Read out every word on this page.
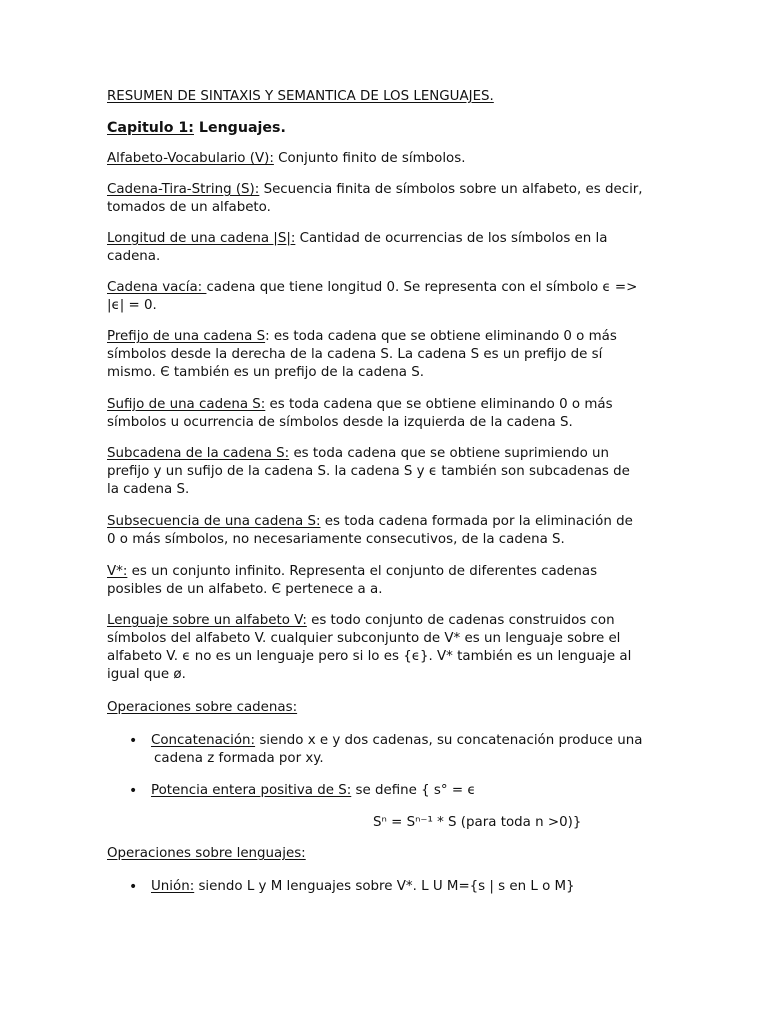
RESUMEN DE SINTAXIS Y SEMANTICA DE LOS LENGUAJES.
Capitulo 1: Lenguajes.
Alfabeto-Vocabulario (V): Conjunto finito de símbolos.
Cadena-Tira-String (S): Secuencia finita de símbolos sobre un alfabeto, es decir,
tomados de un alfabeto.
Longitud de una cadena |S|: Cantidad de ocurrencias de los símbolos en la
cadena.
Cadena vacía: cadena que tiene longitud 0. Se representa con el símbolo ϵ =>
|ϵ| = 0.
Prefijo de una cadena S: es toda cadena que se obtiene eliminando 0 o más
símbolos desde la derecha de la cadena S. La cadena S es un prefijo de sí
mismo. Є también es un prefijo de la cadena S.
Sufijo de una cadena S: es toda cadena que se obtiene eliminando 0 o más
símbolos u ocurrencia de símbolos desde la izquierda de la cadena S.
Subcadena de la cadena S: es toda cadena que se obtiene suprimiendo un
prefijo y un sufijo de la cadena S. la cadena S y ϵ también son subcadenas de
la cadena S.
Subsecuencia de una cadena S: es toda cadena formada por la eliminación de
0 o más símbolos, no necesariamente consecutivos, de la cadena S.
V*: es un conjunto infinito. Representa el conjunto de diferentes cadenas
posibles de un alfabeto. Є pertenece a a.
Lenguaje sobre un alfabeto V: es todo conjunto de cadenas construidos con
símbolos del alfabeto V. cualquier subconjunto de V* es un lenguaje sobre el
alfabeto V. ϵ no es un lenguaje pero si lo es {ϵ}. V* también es un lenguaje al
igual que ø.
Operaciones sobre cadenas:
• Concatenación: siendo x e y dos cadenas, su concatenación produce una
cadena z formada por xy.
• Potencia entera positiva de S: se define { s° = ϵ
Sⁿ = Sⁿ⁻¹ * S (para toda n >0)}
Operaciones sobre lenguajes:
• Unión: siendo L y M lenguajes sobre V*. L U M={s | s en L o M}
